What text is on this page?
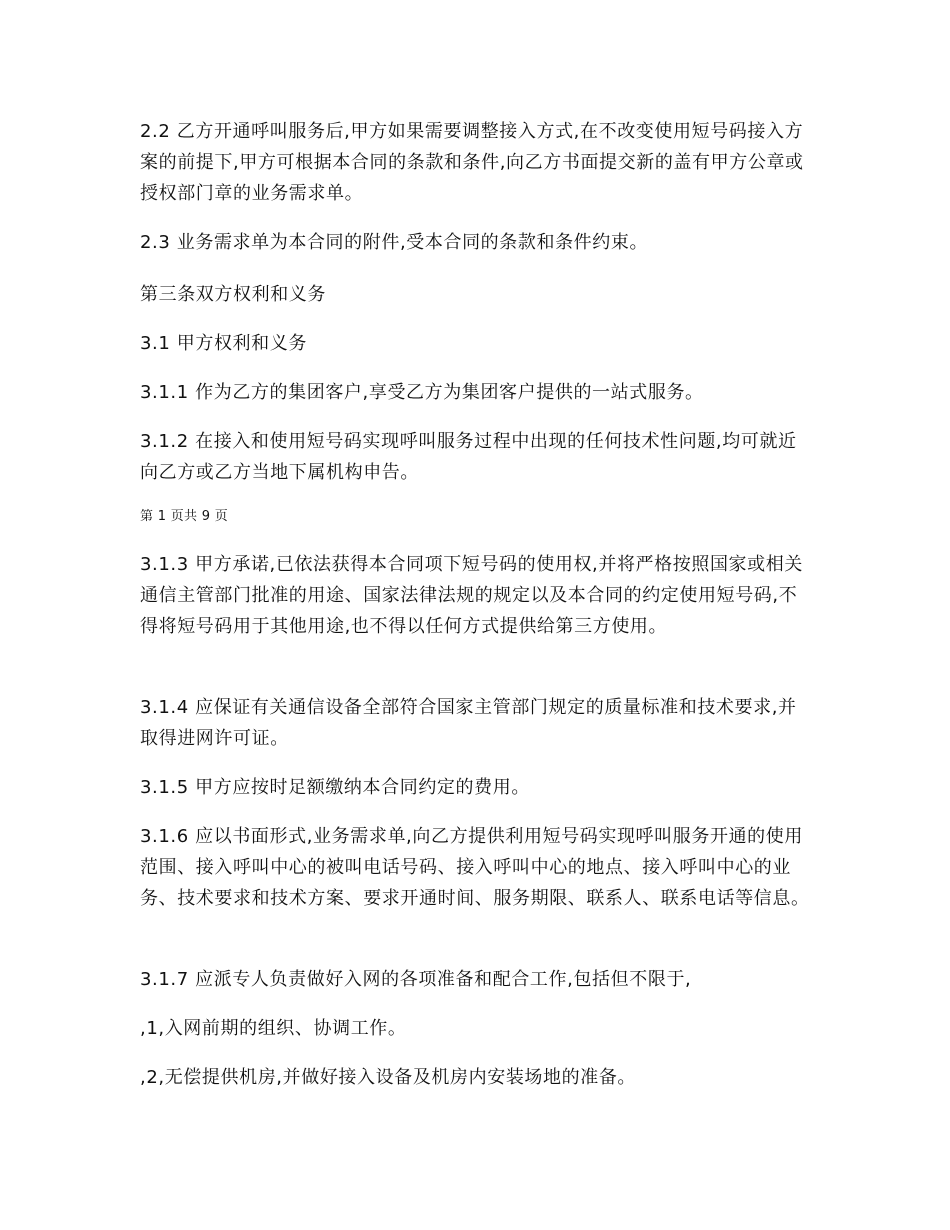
2.2 乙方开通呼叫服务后,甲方如果需要调整接入方式,在不改变使用短号码接入方案的前提下,甲方可根据本合同的条款和条件,向乙方书面提交新的盖有甲方公章或授权部门章的业务需求单。
2.3 业务需求单为本合同的附件,受本合同的条款和条件约束。
第三条双方权利和义务
3.1 甲方权利和义务
3.1.1 作为乙方的集团客户,享受乙方为集团客户提供的一站式服务。
3.1.2 在接入和使用短号码实现呼叫服务过程中出现的任何技术性问题,均可就近向乙方或乙方当地下属机构申告。
第 1 页共 9 页
3.1.3 甲方承诺,已依法获得本合同项下短号码的使用权,并将严格按照国家或相关通信主管部门批准的用途、国家法律法规的规定以及本合同的约定使用短号码,不得将短号码用于其他用途,也不得以任何方式提供给第三方使用。
3.1.4 应保证有关通信设备全部符合国家主管部门规定的质量标准和技术要求,并取得进网许可证。
3.1.5 甲方应按时足额缴纳本合同约定的费用。
3.1.6 应以书面形式,业务需求单,向乙方提供利用短号码实现呼叫服务开通的使用范围、接入呼叫中心的被叫电话号码、接入呼叫中心的地点、接入呼叫中心的业务、技术要求和技术方案、要求开通时间、服务期限、联系人、联系电话等信息。
3.1.7 应派专人负责做好入网的各项准备和配合工作,包括但不限于,
,1,入网前期的组织、协调工作。
,2,无偿提供机房,并做好接入设备及机房内安装场地的准备。
